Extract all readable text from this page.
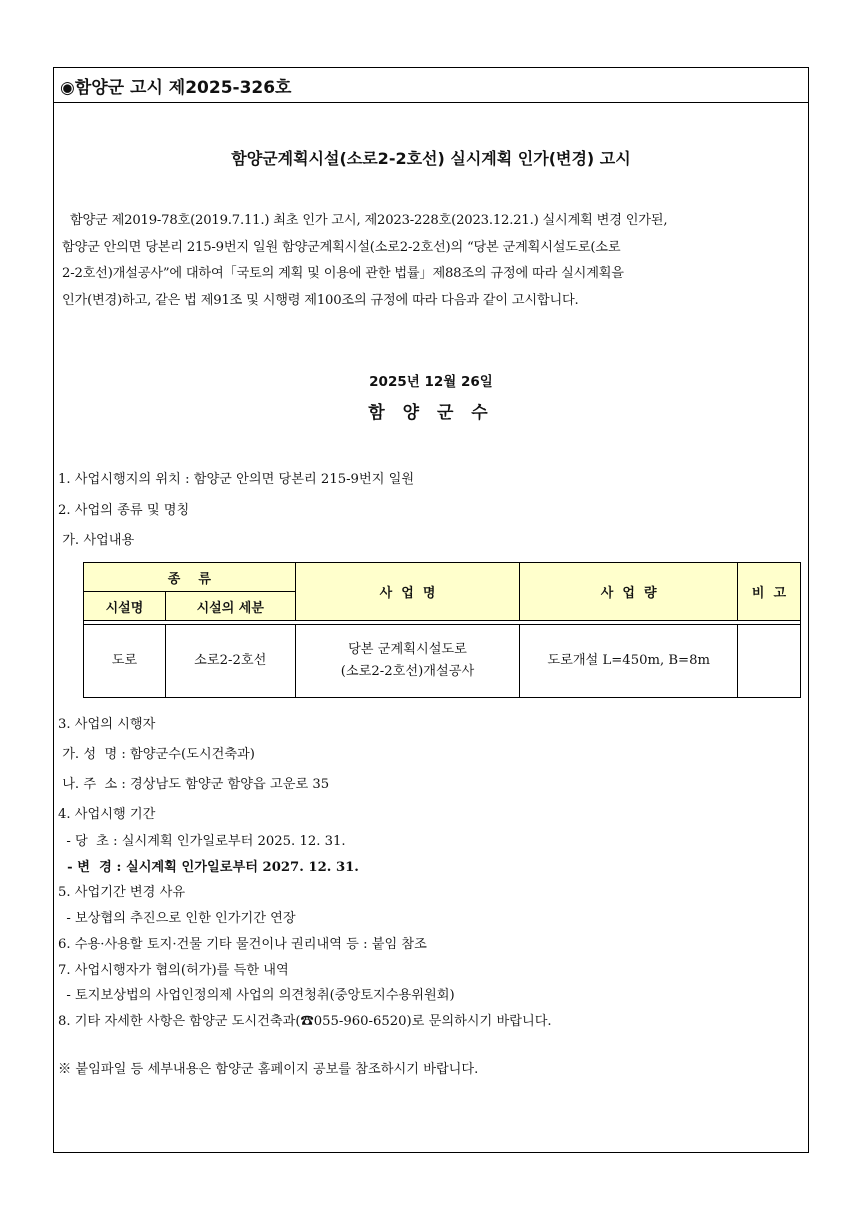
◉함양군 고시 제2025-326호
함양군계획시설(소로2-2호선) 실시계획 인가(변경) 고시
함양군 제2019-78호(2019.7.11.) 최초 인가 고시, 제2023-228호(2023.12.21.) 실시계획 변경 인가된,
함양군 안의면 당본리 215-9번지 일원 함양군계획시설(소로2-2호선)의 “당본 군계획시설도로(소로
2-2호선)개설공사”에 대하여「국토의 계획 및 이용에 관한 법률」제88조의 규정에 따라 실시계획을
인가(변경)하고, 같은 법 제91조 및 시행령 제100조의 규정에 따라 다음과 같이 고시합니다.
2025년 12월 26일
함 양 군 수
1. 사업시행지의 위치 : 함양군 안의면 당본리 215-9번지 일원
2. 사업의 종류 및 명칭
가. 사업내용
종    류		사  업  명	사  업  량	비  고
시설명	시설의 세분			

도로	소로2-2호선	당본 군계획시설도로
(소로2-2호선)개설공사	도로개설 L=450m, B=8m	
3. 사업의 시행자
가. 성  명 : 함양군수(도시건축과)
나. 주  소 : 경상남도 함양군 함양읍 고운로 35
4. 사업시행 기간
- 당  초 : 실시계획 인가일로부터 2025. 12. 31.
- 변  경 : 실시계획 인가일로부터 2027. 12. 31.
5. 사업기간 변경 사유
- 보상협의 추진으로 인한 인가기간 연장
6. 수용·사용할 토지·건물 기타 물건이나 권리내역 등 : 붙임 참조
7. 사업시행자가 협의(허가)를 득한 내역
- 토지보상법의 사업인정의제 사업의 의견청취(중앙토지수용위원회)
8. 기타 자세한 사항은 함양군 도시건축과(☎055-960-6520)로 문의하시기 바랍니다.
※ 붙임파일 등 세부내용은 함양군 홈페이지 공보를 참조하시기 바랍니다.
